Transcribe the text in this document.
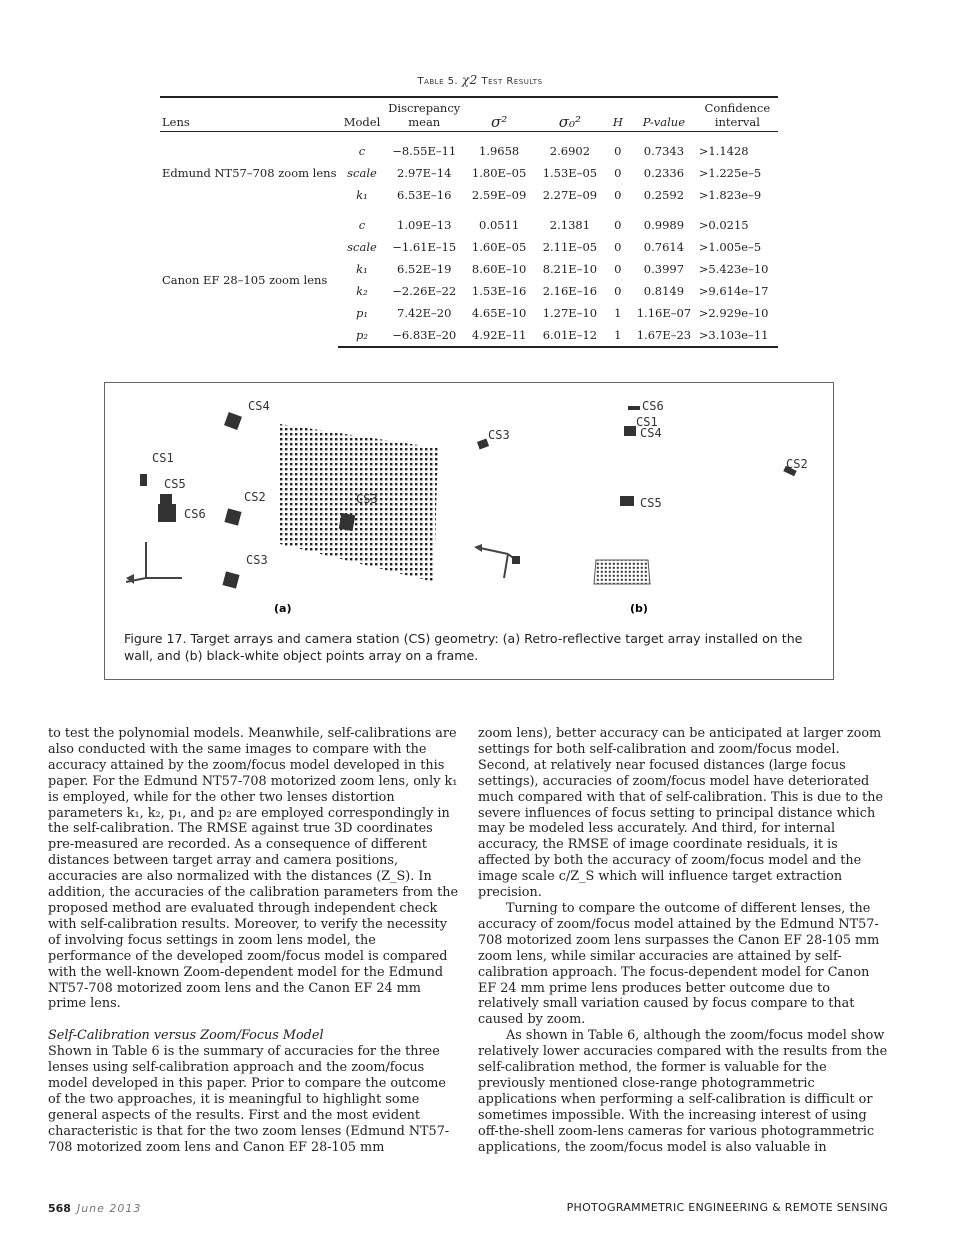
Table 5. χ2 Test Results
Lens	Model	Discrepancy
mean	σ²	σ₀²	H	P-value	Confidence
interval
Edmund NT57–708 zoom lens	c	−8.55E–11	1.9658	2.6902	0	0.7343	>1.1428
	scale	2.97E–14	1.80E–05	1.53E–05	0	0.2336	>1.225e–5
	k₁	6.53E–16	2.59E–09	2.27E–09	0	0.2592	>1.823e–9
Canon EF 28–105 zoom lens	c	1.09E–13	0.0511	2.1381	0	0.9989	>0.0215
	scale	−1.61E–15	1.60E–05	2.11E–05	0	0.7614	>1.005e–5
	k₁	6.52E–19	8.60E–10	8.21E–10	0	0.3997	>5.423e–10
	k₂	−2.26E–22	1.53E–16	2.16E–16	0	0.8149	>9.614e–17
	p₁	7.42E–20	4.65E–10	1.27E–10	1	1.16E–07	>2.929e–10
	p₂	−6.83E–20	4.92E–11	6.01E–12	1	1.67E–23	>3.103e–11
CS4
CS1
CS5
CS6
CS2	CS3
CS3
CS6
CS1
CS4
CS3
CS2
CS5
(a)	(b)
Figure 17. Target arrays and camera station (CS) geometry: (a) Retro-reflective target array installed on the wall, and (b) black-white object points array on a frame.

to test the polynomial models. Meanwhile, self-calibrations are also conducted with the same images to compare with the accuracy attained by the zoom/focus model developed in this paper. For the Edmund NT57-708 motorized zoom lens, only k₁ is employed, while for the other two lenses distortion parameters k₁, k₂, p₁, and p₂ are employed correspondingly in the self-calibration. The RMSE against true 3D coordinates pre-measured are recorded. As a consequence of different distances between target array and camera positions, accuracies are also normalized with the distances (Z_S). In addition, the accuracies of the calibration parameters from the proposed method are evaluated through independent check with self-calibration results. Moreover, to verify the necessity of involving focus settings in zoom lens model, the performance of the developed zoom/focus model is compared with the well-known Zoom-dependent model for the Edmund NT57-708 motorized zoom lens and the Canon EF 24 mm prime lens.

Self-Calibration versus Zoom/Focus Model

Shown in Table 6 is the summary of accuracies for the three lenses using self-calibration approach and the zoom/focus model developed in this paper. Prior to compare the outcome of the two approaches, it is meaningful to highlight some general aspects of the results. First and the most evident characteristic is that for the two zoom lenses (Edmund NT57-708 motorized zoom lens and Canon EF 28-105 mm

zoom lens), better accuracy can be anticipated at larger zoom settings for both self-calibration and zoom/focus model. Second, at relatively near focused distances (large focus settings), accuracies of zoom/focus model have deteriorated much compared with that of self-calibration. This is due to the severe influences of focus setting to principal distance which may be modeled less accurately. And third, for internal accuracy, the RMSE of image coordinate residuals, it is affected by both the accuracy of zoom/focus model and the image scale c/Z_S which will influence target extraction precision.

Turning to compare the outcome of different lenses, the accuracy of zoom/focus model attained by the Edmund NT57-708 motorized zoom lens surpasses the Canon EF 28-105 mm zoom lens, while similar accuracies are attained by self-calibration approach. The focus-dependent model for Canon EF 24 mm prime lens produces better outcome due to relatively small variation caused by focus compare to that caused by zoom.

As shown in Table 6, although the zoom/focus model show relatively lower accuracies compared with the results from the self-calibration method, the former is valuable for the previously mentioned close-range photogrammetric applications when performing a self-calibration is difficult or sometimes impossible. With the increasing interest of using off-the-shell zoom-lens cameras for various photogrammetric applications, the zoom/focus model is also valuable in

568 June 2013	PHOTOGRAMMETRIC ENGINEERING & REMOTE SENSING
